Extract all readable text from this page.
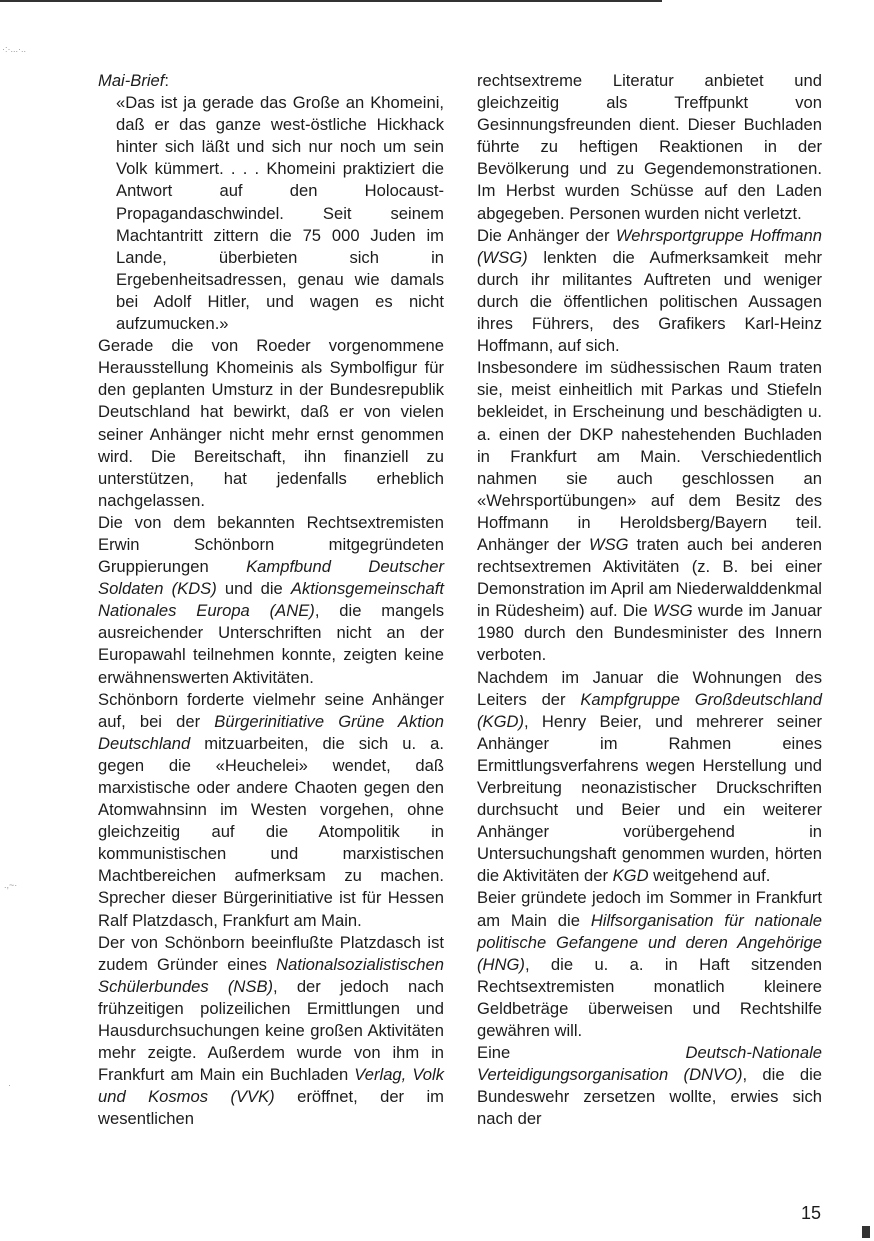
·:·...·..
.,~·
·

Mai-Brief:

«Das ist ja gerade das Große an Khomeini, daß er das ganze west-östliche Hickhack hinter sich läßt und sich nur noch um sein Volk kümmert. . . . Khomeini praktiziert die Antwort auf den Holocaust-Propagandaschwindel. Seit seinem Machtantritt zittern die 75 000 Juden im Lande, überbieten sich in Ergebenheitsadressen, genau wie damals bei Adolf Hitler, und wagen es nicht aufzumucken.»

Gerade die von Roeder vorgenommene Herausstellung Khomeinis als Symbolfigur für den geplanten Umsturz in der Bundesrepublik Deutschland hat bewirkt, daß er von vielen seiner Anhänger nicht mehr ernst genommen wird. Die Bereitschaft, ihn finanziell zu unterstützen, hat jedenfalls erheblich nachgelassen.

Die von dem bekannten Rechtsextremisten Erwin Schönborn mitgegründeten Gruppierungen Kampfbund Deutscher Soldaten (KDS) und die Aktionsgemeinschaft Nationales Europa (ANE), die mangels ausreichender Unterschriften nicht an der Europawahl teilnehmen konnte, zeigten keine erwähnenswerten Aktivitäten.

Schönborn forderte vielmehr seine Anhänger auf, bei der Bürgerinitiative Grüne Aktion Deutschland mitzuarbeiten, die sich u. a. gegen die «Heuchelei» wendet, daß marxistische oder andere Chaoten gegen den Atomwahnsinn im Westen vorgehen, ohne gleichzeitig auf die Atompolitik in kommunistischen und marxistischen Machtbereichen aufmerksam zu machen. Sprecher dieser Bürgerinitiative ist für Hessen Ralf Platzdasch, Frankfurt am Main.

Der von Schönborn beeinflußte Platzdasch ist zudem Gründer eines Nationalsozialistischen Schülerbundes (NSB), der jedoch nach frühzeitigen polizeilichen Ermittlungen und Hausdurchsuchungen keine großen Aktivitäten mehr zeigte. Außerdem wurde von ihm in Frankfurt am Main ein Buchladen Verlag, Volk und Kosmos (VVK) eröffnet, der im wesentlichen

rechtsextreme Literatur anbietet und gleichzeitig als Treffpunkt von Gesinnungsfreunden dient. Dieser Buchladen führte zu heftigen Reaktionen in der Bevölkerung und zu Gegendemonstrationen. Im Herbst wurden Schüsse auf den Laden abgegeben. Personen wurden nicht verletzt.

Die Anhänger der Wehrsportgruppe Hoffmann (WSG) lenkten die Aufmerksamkeit mehr durch ihr militantes Auftreten und weniger durch die öffentlichen politischen Aussagen ihres Führers, des Grafikers Karl-Heinz Hoffmann, auf sich.

Insbesondere im südhessischen Raum traten sie, meist einheitlich mit Parkas und Stiefeln bekleidet, in Erscheinung und beschädigten u. a. einen der DKP nahestehenden Buchladen in Frankfurt am Main. Verschiedentlich nahmen sie auch geschlossen an «Wehrsportübungen» auf dem Besitz des Hoffmann in Heroldsberg/Bayern teil. Anhänger der WSG traten auch bei anderen rechtsextremen Aktivitäten (z. B. bei einer Demonstration im April am Niederwalddenkmal in Rüdesheim) auf. Die WSG wurde im Januar 1980 durch den Bundesminister des Innern verboten.

Nachdem im Januar die Wohnungen des Leiters der Kampfgruppe Großdeutschland (KGD), Henry Beier, und mehrerer seiner Anhänger im Rahmen eines Ermittlungsverfahrens wegen Herstellung und Verbreitung neonazistischer Druckschriften durchsucht und Beier und ein weiterer Anhänger vorübergehend in Untersuchungshaft genommen wurden, hörten die Aktivitäten der KGD weitgehend auf.

Beier gründete jedoch im Sommer in Frankfurt am Main die Hilfsorganisation für nationale politische Gefangene und deren Angehörige (HNG), die u. a. in Haft sitzenden Rechtsextremisten monatlich kleinere Geldbeträge überweisen und Rechtshilfe gewähren will.

Eine Deutsch-Nationale Verteidigungsorganisation (DNVO), die die Bundeswehr zersetzen wollte, erwies sich nach der

15
